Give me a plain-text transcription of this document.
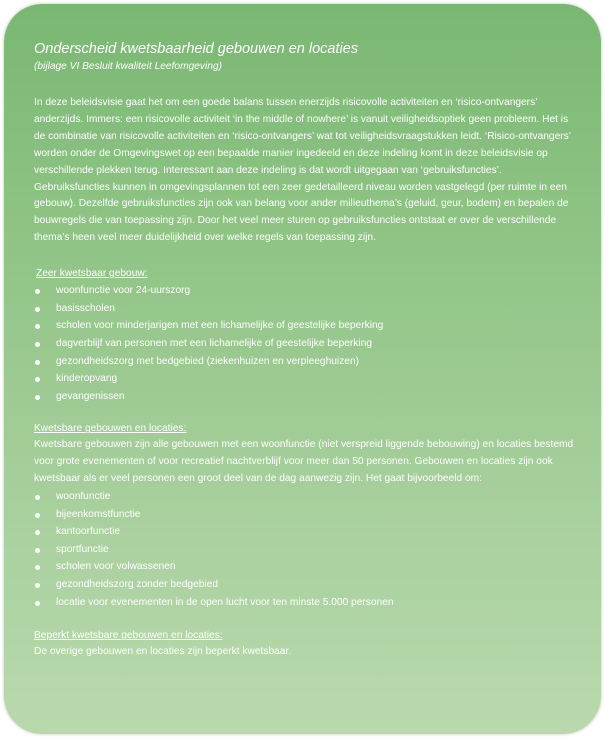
Onderscheid kwetsbaarheid gebouwen en locaties

(bijlage VI Besluit kwaliteit Leefomgeving)

In deze beleidsvisie gaat het om een goede balans tussen enerzijds risicovolle activiteiten en ‘risico-ontvangers’ anderzijds. Immers: een risicovolle activiteit ‘in the middle of nowhere’ is vanuit veiligheidsoptiek geen probleem. Het is de combinatie van risicovolle activiteiten en ‘risico-ontvangers’ wat tot veiligheidsvraagstukken leidt. ‘Risico-ontvangers’ worden onder de Omgevingswet op een bepaalde manier ingedeeld en deze indeling komt in deze beleidsvisie op verschillende plekken terug. Interessant aan deze indeling is dat wordt uitgegaan van ‘gebruiksfuncties’. Gebruiksfuncties kunnen in omgevingsplannen tot een zeer gedetailleerd niveau worden vastgelegd (per ruimte in een gebouw). Dezelfde gebruiksfuncties zijn ook van belang voor ander milieuthema’s (geluid, geur, bodem) en bepalen de bouwregels die van toepassing zijn. Door het veel meer sturen op gebruiksfuncties ontstaat er over de verschillende thema’s heen veel meer duidelijkheid over welke regels van toepassing zijn.

Zeer kwetsbaar gebouw:

woonfunctie voor 24-uurszorg
basisscholen
scholen voor minderjarigen met een lichamelijke of geestelijke beperking
dagverblijf van personen met een lichamelijke of geestelijke beperking
gezondheidszorg met bedgebied (ziekenhuizen en verpleeghuizen)
kinderopvang
gevangenissen

Kwetsbare gebouwen en locaties:

Kwetsbare gebouwen zijn alle gebouwen met een woonfunctie (niet verspreid liggende bebouwing) en locaties bestemd voor grote evenementen of voor recreatief nachtverblijf voor meer dan 50 personen. Gebouwen en locaties zijn ook kwetsbaar als er veel personen een groot deel van de dag aanwezig zijn. Het gaat bijvoorbeeld om:

woonfunctie
bijeenkomstfunctie
kantoorfunctie
sportfunctie
scholen voor volwassenen
gezondheidszorg zonder bedgebied
locatie voor evenementen in de open lucht voor ten minste 5.000 personen

Beperkt kwetsbare gebouwen en locaties:

De overige gebouwen en locaties zijn beperkt kwetsbaar.
